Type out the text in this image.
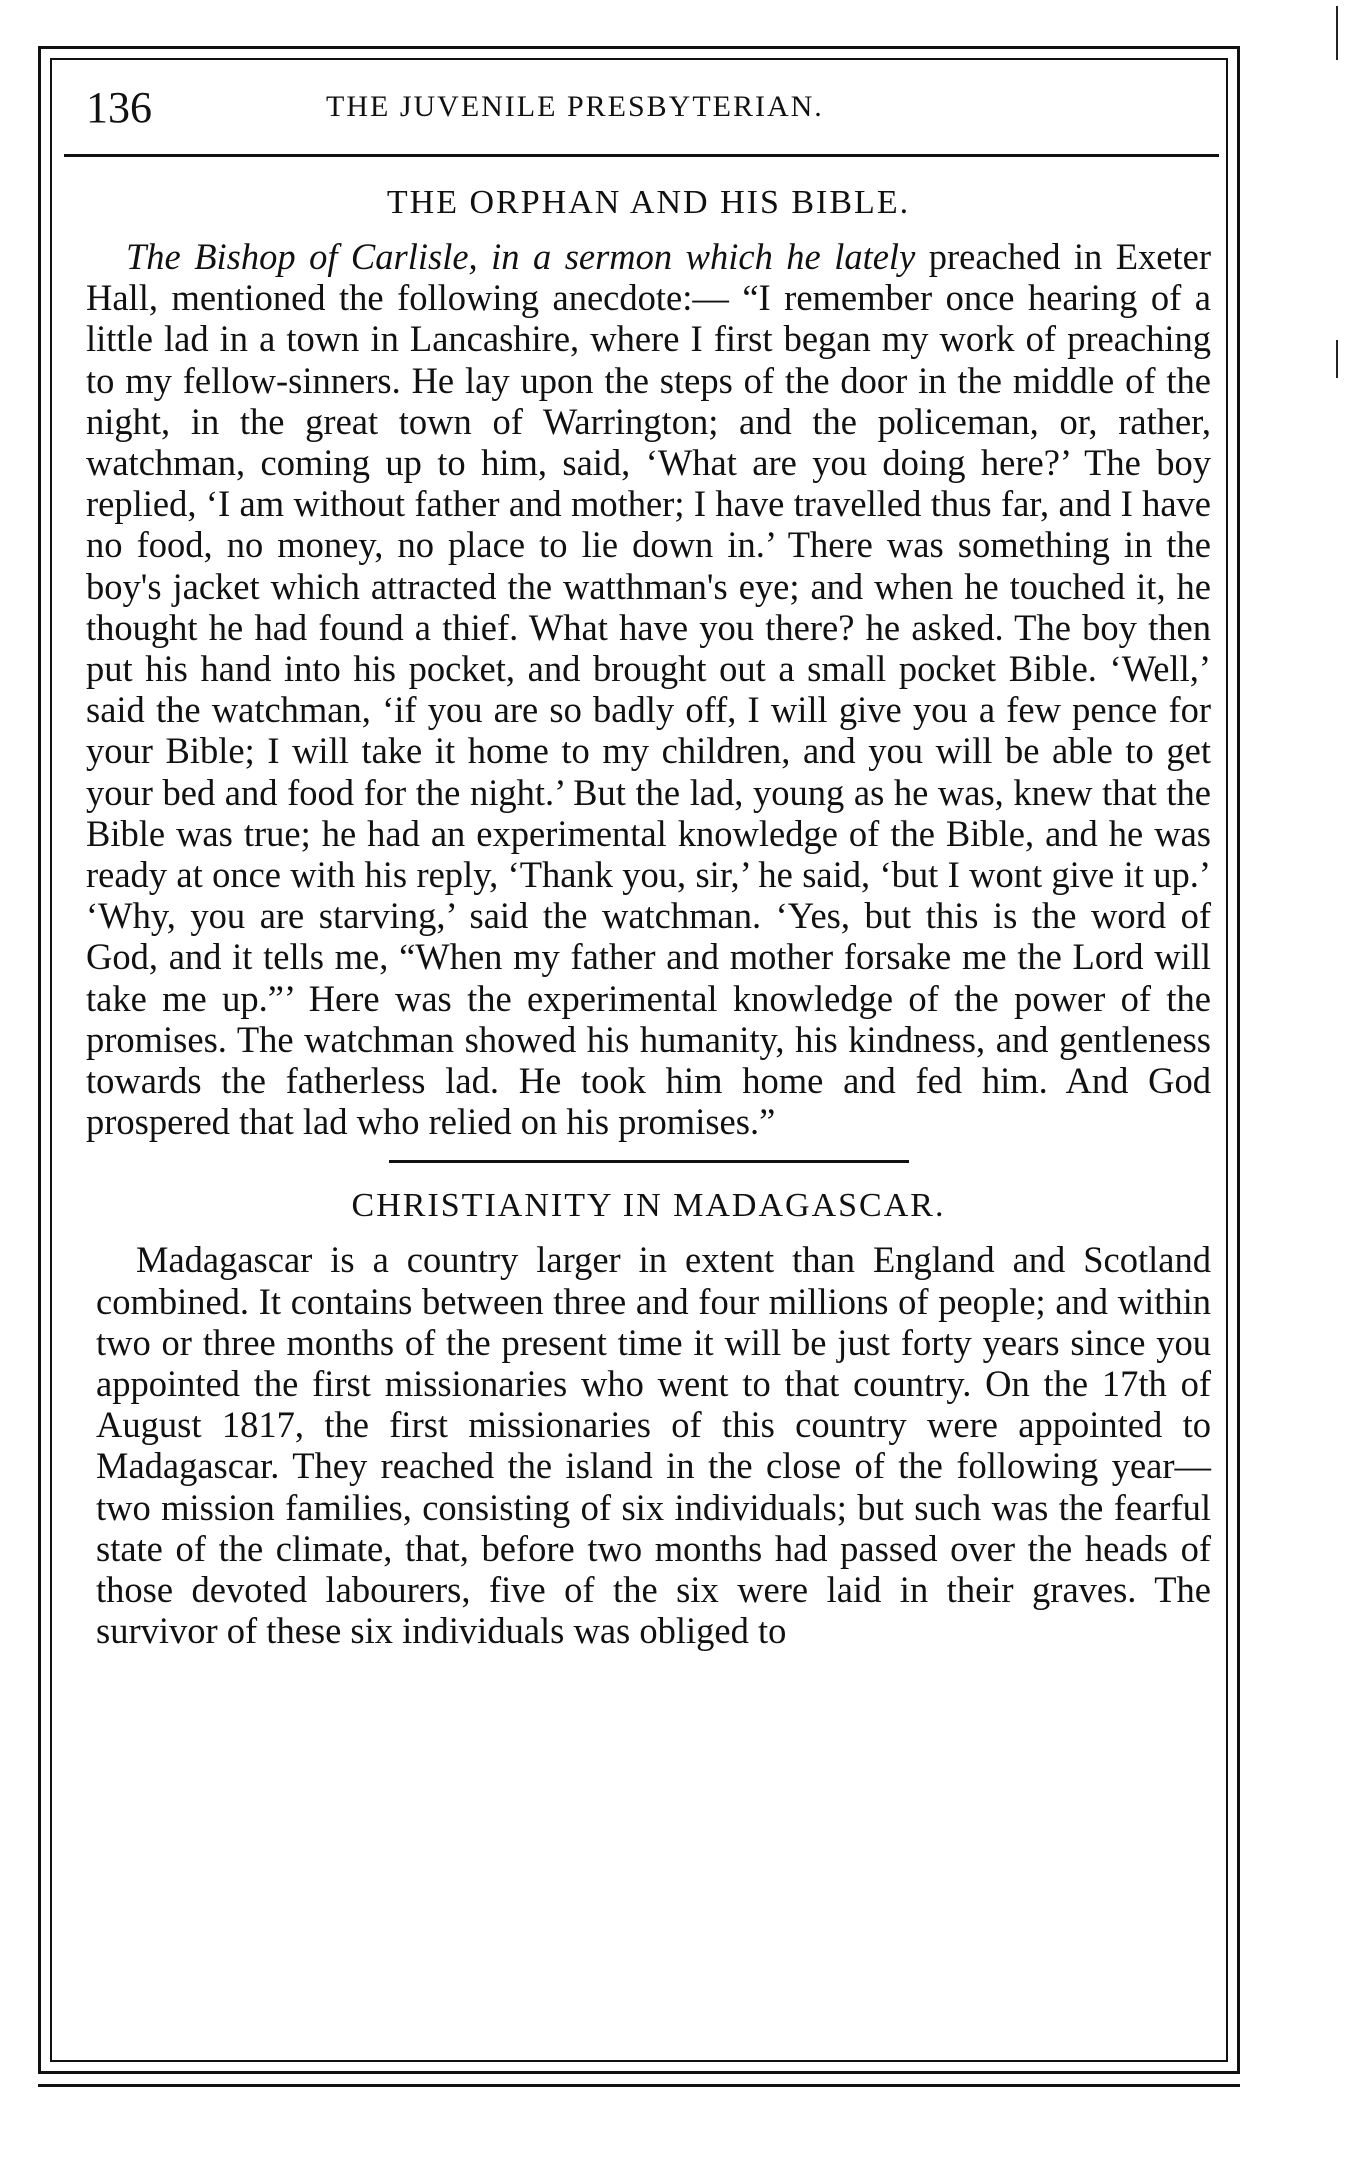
136	THE JUVENILE PRESBYTERIAN.
THE ORPHAN AND HIS BIBLE.

The Bishop of Carlisle, in a sermon which he lately preached in Exeter Hall, mentioned the following anecdote:— “I remember once hearing of a little lad in a town in Lancashire, where I first began my work of preaching to my fellow-sinners. He lay upon the steps of the door in the middle of the night, in the great town of Warrington; and the policeman, or, rather, watchman, coming up to him, said, ‘What are you doing here?’ The boy replied, ‘I am without father and mother; I have travelled thus far, and I have no food, no money, no place to lie down in.’ There was something in the boy's jacket which attracted the watthman's eye; and when he touched it, he thought he had found a thief. What have you there? he asked. The boy then put his hand into his pocket, and brought out a small pocket Bible. ‘Well,’ said the watchman, ‘if you are so badly off, I will give you a few pence for your Bible; I will take it home to my children, and you will be able to get your bed and food for the night.’ But the lad, young as he was, knew that the Bible was true; he had an experimental knowledge of the Bible, and he was ready at once with his reply, ‘Thank you, sir,’ he said, ‘but I wont give it up.’ ‘Why, you are starving,’ said the watchman. ‘Yes, but this is the word of God, and it tells me, “When my father and mother forsake me the Lord will take me up.”’ Here was the experimental knowledge of the power of the promises. The watchman showed his humanity, his kindness, and gentleness towards the fatherless lad. He took him home and fed him. And God prospered that lad who relied on his promises.”

CHRISTIANITY IN MADAGASCAR.

Madagascar is a country larger in extent than England and Scotland combined. It contains between three and four millions of people; and within two or three months of the present time it will be just forty years since you appointed the first missionaries who went to that country. On the 17th of August 1817, the first missionaries of this country were appointed to Madagascar. They reached the island in the close of the following year—two mission families, consisting of six individuals; but such was the fearful state of the climate, that, before two months had passed over the heads of those devoted labourers, five of the six were laid in their graves. The survivor of these six individuals was obliged to
